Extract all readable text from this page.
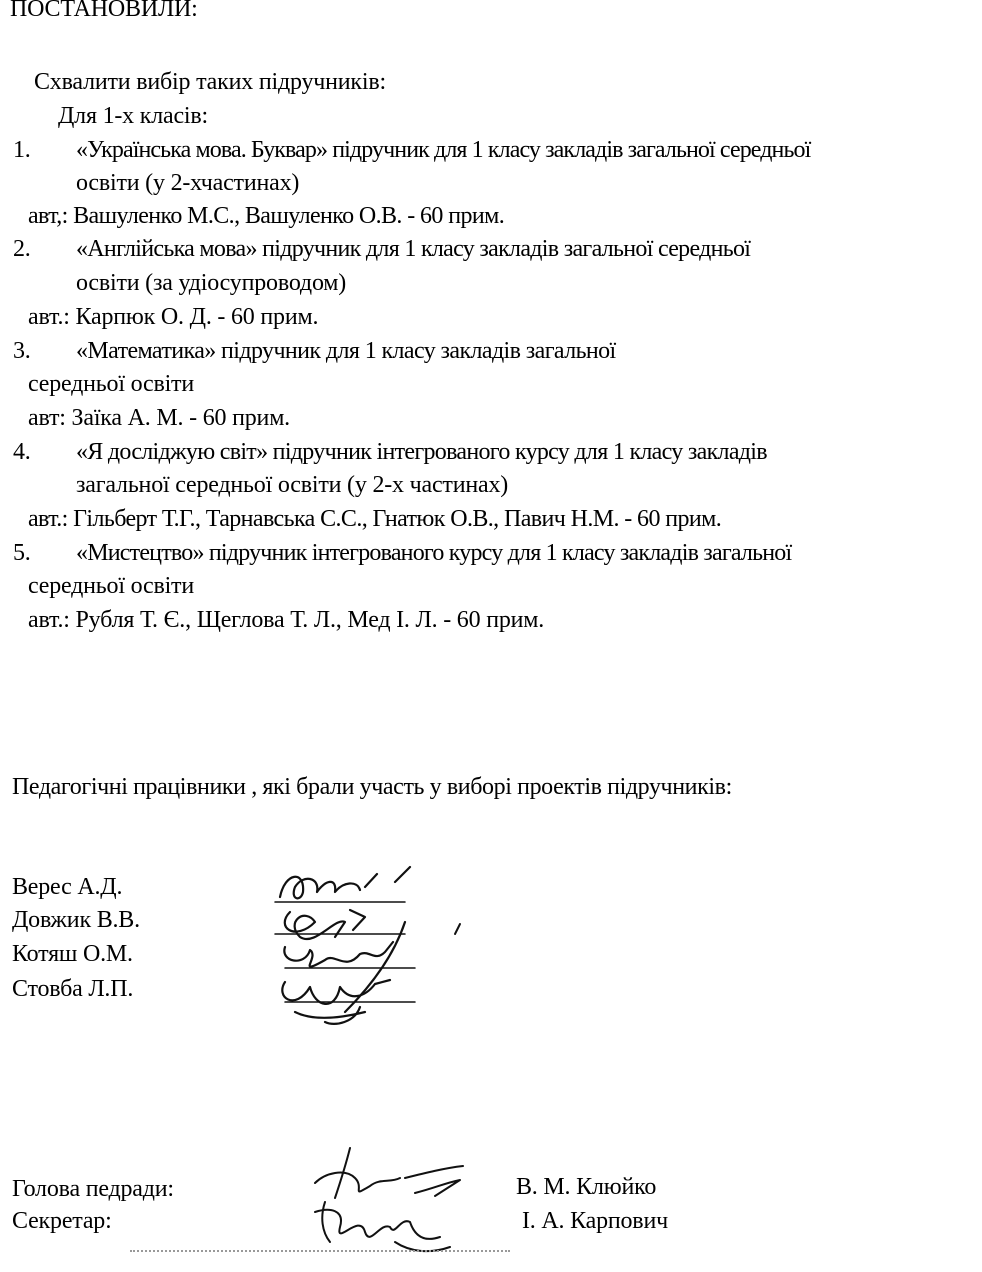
ПОСТАНОВИЛИ:
Схвалити вибір таких підручників:
Для 1-х класів:
1. «Українська мова. Буквар» підручник для 1 класу закладів загальної середньої
освіти (у 2-хчастинах)
авт,: Вашуленко М.С., Вашуленко О.В. - 60 прим.
2. «Англійська мова» підручник для 1 класу закладів загальної середньої
освіти (за удіосупроводом)
авт.: Карпюк О. Д. - 60 прим.
3. «Математика» підручник для 1 класу закладів загальної
середньої освіти
авт: Заїка А. М. - 60 прим.
4. «Я досліджую світ» підручник інтегрованого курсу для 1 класу закладів
загальної середньої освіти (у 2-х частинах)
авт.: Гільберт Т.Г., Тарнавська С.С., Гнатюк О.В., Павич Н.М. - 60 прим.
5. «Мистецтво» підручник інтегрованого курсу для 1 класу закладів загальної
середньої освіти
авт.: Рубля Т. Є., Щеглова Т. Л., Мед І. Л. - 60 прим.
Педагогічні працівники , які брали участь у виборі проектів підручників:
Верес А.Д.
Довжик В.В.
Котяш О.М.
Стовба Л.П.
Голова педради:	В. М. Клюйко
Секретар:	І. А. Карпович
